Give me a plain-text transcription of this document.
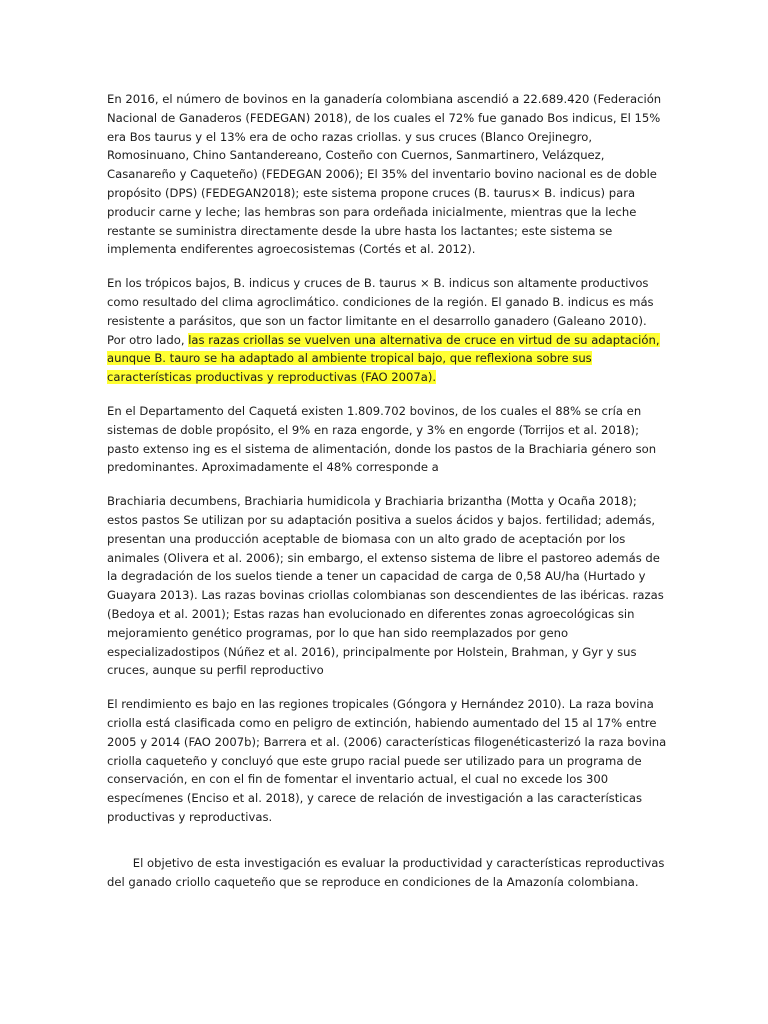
En 2016, el número de bovinos en la ganadería colombiana ascendió a 22.689.420 (Federación Nacional de Ganaderos (FEDEGAN) 2018), de los cuales el 72% fue ganado Bos indicus, El 15% era Bos taurus y el 13% era de ocho razas criollas. y sus cruces (Blanco Orejinegro, Romosinuano, Chino Santandereano, Costeño con Cuernos, Sanmartinero, Velázquez, Casanareño y Caqueteño) (FEDEGAN 2006); El 35% del inventario bovino nacional es de doble propósito (DPS) (FEDEGAN2018); este sistema propone cruces (B. taurus× B. indicus) para producir carne y leche; las hembras son para ordeñada inicialmente, mientras que la leche restante se suministra directamente desde la ubre hasta los lactantes; este sistema se implementa endiferentes agroecosistemas (Cortés et al. 2012).

En los trópicos bajos, B. indicus y cruces de B. taurus × B. indicus son altamente productivos como resultado del clima agroclimático. condiciones de la región. El ganado B. indicus es más resistente a parásitos, que son un factor limitante en el desarrollo ganadero (Galeano 2010). Por otro lado, las razas criollas se vuelven una alternativa de cruce en virtud de su adaptación, aunque B. tauro se ha adaptado al ambiente tropical bajo, que reflexiona sobre sus características productivas y reproductivas (FAO 2007a).

En el Departamento del Caquetá existen 1.809.702 bovinos, de los cuales el 88% se cría en sistemas de doble propósito, el 9% en raza engorde, y 3% en engorde (Torrijos et al. 2018); pasto extenso ing es el sistema de alimentación, donde los pastos de la Brachiaria género son predominantes. Aproximadamente el 48% corresponde a

Brachiaria decumbens, Brachiaria humidicola y Brachiaria brizantha (Motta y Ocaña 2018); estos pastos Se utilizan por su adaptación positiva a suelos ácidos y bajos. fertilidad; además, presentan una producción aceptable de biomasa con un alto grado de aceptación por los animales (Olivera et al. 2006); sin embargo, el extenso sistema de libre el pastoreo además de la degradación de los suelos tiende a tener un capacidad de carga de 0,58 AU/ha (Hurtado y Guayara 2013). Las razas bovinas criollas colombianas son descendientes de las ibéricas. razas (Bedoya et al. 2001); Estas razas han evolucionado en diferentes zonas agroecológicas sin mejoramiento genético programas, por lo que han sido reemplazados por geno especializadostipos (Núñez et al. 2016), principalmente por Holstein, Brahman, y Gyr y sus cruces, aunque su perfil reproductivo

El rendimiento es bajo en las regiones tropicales (Góngora y Hernández 2010). La raza bovina criolla está clasificada como en peligro de extinción, habiendo aumentado del 15 al 17% entre 2005 y 2014 (FAO 2007b); Barrera et al. (2006) características filogenéticasterizó la raza bovina criolla caqueteño y concluyó que este grupo racial puede ser utilizado para un programa de conservación, en con el fin de fomentar el inventario actual, el cual no excede los 300 especímenes (Enciso et al. 2018), y carece de relación de investigación a las características productivas y reproductivas.

El objetivo de esta investigación es evaluar la productividad y características reproductivas del ganado criollo caqueteño que se reproduce en condiciones de la Amazonía colombiana.
